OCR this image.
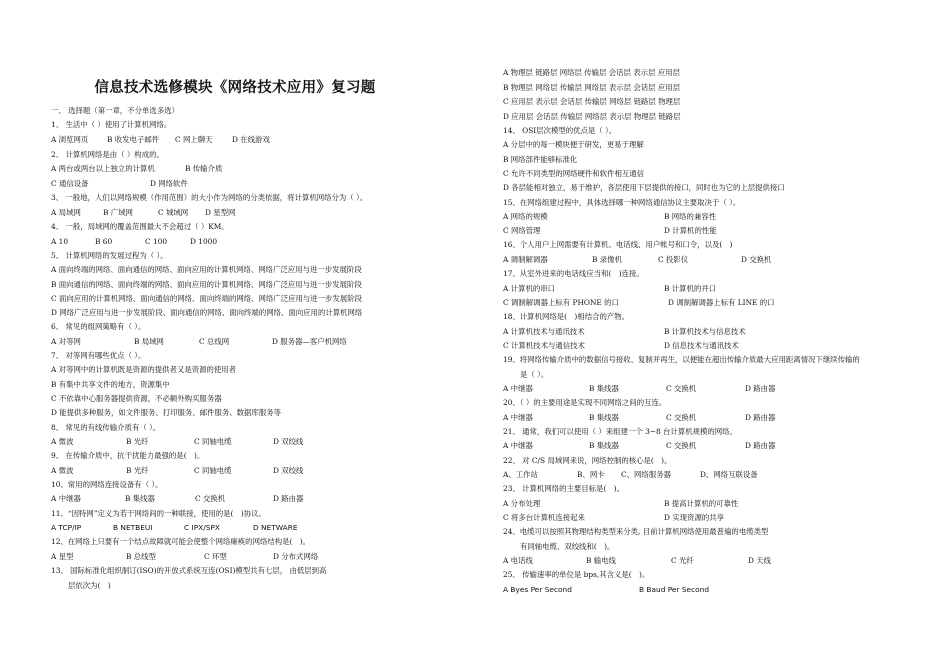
信息技术选修模块《网络技术应用》复习题
一、 选择题（第一章，不分单选多选）
1、 生活中（ ）使用了计算机网络。
A 浏览网页	B 收发电子邮件 C 网上聊天	D 在线游戏
2、 计算机网络是由（ ）构成的。
A 两台或两台以上独立的计算机	B 传输介质
C 通信设备	D 网络软件
3、 一般地，人们以网络规模（作用范围）的大小作为网络的分类依据，将计算机网络分为（ ）。
A 局域网	B 广域网	C 城域网 D 星型网
4、 一般，局域网的覆盖范围最大不会超过（ ）KM。
A 10	B 60	C 100	D 1000
5、 计算机网络的发展过程为（ ）。
A 面向终端的网络、面向通信的网络、面向应用的计算机网络、网络广泛应用与进一步发展阶段
B 面向通信的网络、面向终端的网络、面向应用的计算机网络、网络广泛应用与进一步发展阶段
C 面向应用的计算机网络、面向通信的网络、面向终端的网络、网络广泛应用与进一步发展阶段
D 网络广泛应用与进一步发展阶段、面向通信的网络、面向终端的网络、面向应用的计算机网络
6、 常见的组网策略有（ ）。
A 对等网	B 局域网	C 总线网	D 服务器—客户机网络
7、 对等网有哪些优点（ ）。
A 对等网中的计算机既是资源的提供者又是资源的使用者
B 有集中共享文件的地方，资源集中
C 不依靠中心服务器提供资源，不必额外购买服务器
D 能提供多种服务，如文件服务、打印服务、邮件服务、数据库服务等
8、 常见的有线传输介质有（ ）。
A 微波	B 光纤	C 同轴电缆	D 双绞线
9、 在传输介质中，抗干扰能力最强的是(　)。
A 微波	B 光纤	C 同轴电缆	D 双绞线
10、常用的网络连接设备有（ ）。
A 中继器	B 集线器	C 交换机	D 路由器
11、“因特网”定义为若干网络间的一种联接，使用的是(　)协议。
A TCP/IP	B NETBEUI	C IPX/SPX	D NETWARE
12、在网络上只要有一个结点故障就可能会使整个网络瘫痪的网络结构是(　)。
A 星型	B 总线型	C 环型	D 分布式网络
13、 国际标准化组织制订(ISO)的开放式系统互连(OSI)模型共有七层， 由低层到高
层依次为(　)
A 物理层 链路层 网络层 传输层 会话层 表示层 应用层
B 物理层 网络层 传输层 网络层 表示层 会话层 应用层
C 应用层 表示层 会话层 传输层 网络层 链路层 物理层
D 应用层 会话层 传输层 网络层 表示层 物理层 链路层
14、 OSI层次模型的优点是（ ）。
A 分层中的每一模块便于研发，更易于理解
B 网络部件能够标准化
C 允许不同类型的网络硬件和软件相互通信
D 各层能相对独立，易于维护，各层使用下层提供的接口，同时也为它的上层提供接口
15、在网络组建过程中，具体选择哪一种网络通信协议主要取决于（ ）。
A 网络的规模	B 网络的兼容性
C 网络管理	D 计算机的性能
16、个人用户上网需要有计算机、电话线、用户帐号和口令，以及(　)
A 调制解调器	B 录像机	C 投影仪	D 交换机
17、从室外进来的电话线应当和(　)连接。
A 计算机的串口	B 计算机的并口
C 调制解调器上标有 PHONE 的口	D 调制解调器上标有 LINE 的口
18、计算机网络是(　)相结合的产物。
A 计算机技术与通讯技术	B 计算机技术与信息技术
C 计算机技术与通信技术	D 信息技术与通讯技术
19、将网络传输介质中的数据信号接收、复制并再生，以便能在超出传输介质最大应用距离情况下继续传输的
是（ ）。
A 中继器	B 集线器	C 交换机	D 路由器
20、（ ）的主要用途是实现不同网络之间的互连。
A 中继器	B 集线器	C 交换机	D 路由器
21、 通常，我们可以使用（ ）来组建一个 3~8 台计算机规模的网络。
A 中继器	B 集线器	C 交换机	D 路由器
22、 对 C/S 局域网来说，网络控制的核心是(　)。
A、工作站	B、网卡 C、网络服务器	D、网络互联设备
23、 计算机网络的主要目标是(　)。
A 分布处理	B 提高计算机的可靠性
C 将多台计算机连接起来	D 实现资源的共享
24、电缆可以按照其物理结构类型来分类, 目前计算机网络使用最普遍的电缆类型
有同轴电缆、双绞线和(　)。
A 电话线	B 输电线	C 光纤	D 天线
25、 传输速率的单位是 bps,其含义是(　)。
A Byes Per Second	B Baud Per Second
